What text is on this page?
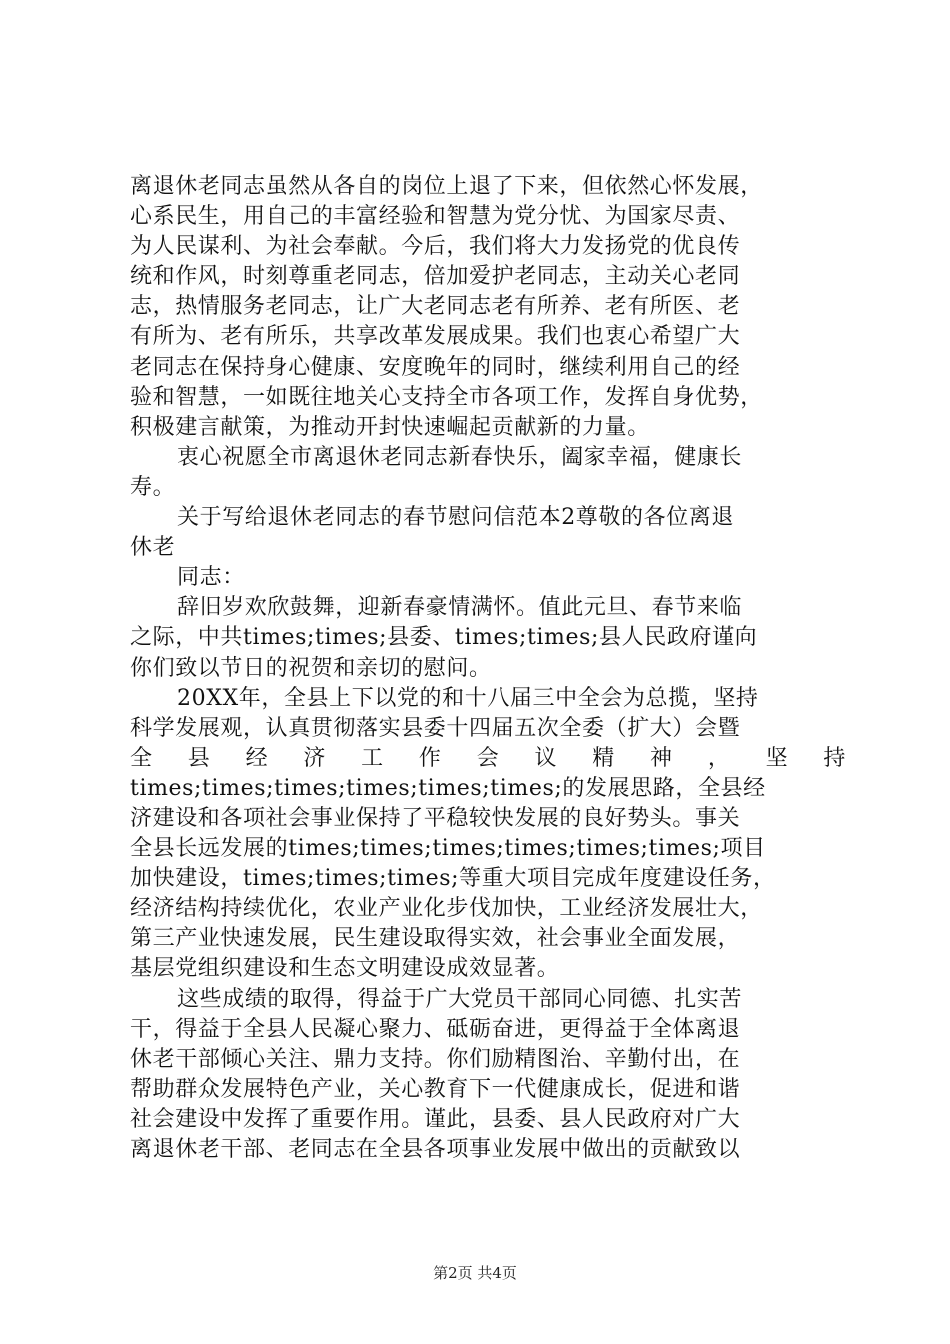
离退休老同志虽然从各自的岗位上退了下来，但依然心怀发展，
心系民生，用自己的丰富经验和智慧为党分忧、为国家尽责、
为人民谋利、为社会奉献。今后，我们将大力发扬党的优良传
统和作风，时刻尊重老同志，倍加爱护老同志，主动关心老同
志，热情服务老同志，让广大老同志老有所养、老有所医、老
有所为、老有所乐，共享改革发展成果。我们也衷心希望广大
老同志在保持身心健康、安度晚年的同时，继续利用自己的经
验和智慧，一如既往地关心支持全市各项工作，发挥自身优势，
积极建言献策，为推动开封快速崛起贡献新的力量。
衷心祝愿全市离退休老同志新春快乐，阖家幸福，健康长
寿。
关于写给退休老同志的春节慰问信范本2尊敬的各位离退
休老
同志：
辞旧岁欢欣鼓舞，迎新春豪情满怀。值此元旦、春节来临
之际，中共times;times;县委、times;times;县人民政府谨向
你们致以节日的祝贺和亲切的慰问。
20XX年，全县上下以党的和十八届三中全会为总揽，坚持
科学发展观，认真贯彻落实县委十四届五次全委（扩大）会暨
全县经济工作会议精神，坚持
times;times;times;times;times;times;的发展思路，全县经
济建设和各项社会事业保持了平稳较快发展的良好势头。事关
全县长远发展的times;times;times;times;times;times;项目
加快建设，times;times;times;等重大项目完成年度建设任务，
经济结构持续优化，农业产业化步伐加快，工业经济发展壮大，
第三产业快速发展，民生建设取得实效，社会事业全面发展，
基层党组织建设和生态文明建设成效显著。
这些成绩的取得，得益于广大党员干部同心同德、扎实苦
干，得益于全县人民凝心聚力、砥砺奋进，更得益于全体离退
休老干部倾心关注、鼎力支持。你们励精图治、辛勤付出，在
帮助群众发展特色产业，关心教育下一代健康成长，促进和谐
社会建设中发挥了重要作用。谨此，县委、县人民政府对广大
离退休老干部、老同志在全县各项事业发展中做出的贡献致以
第2页 共4页
